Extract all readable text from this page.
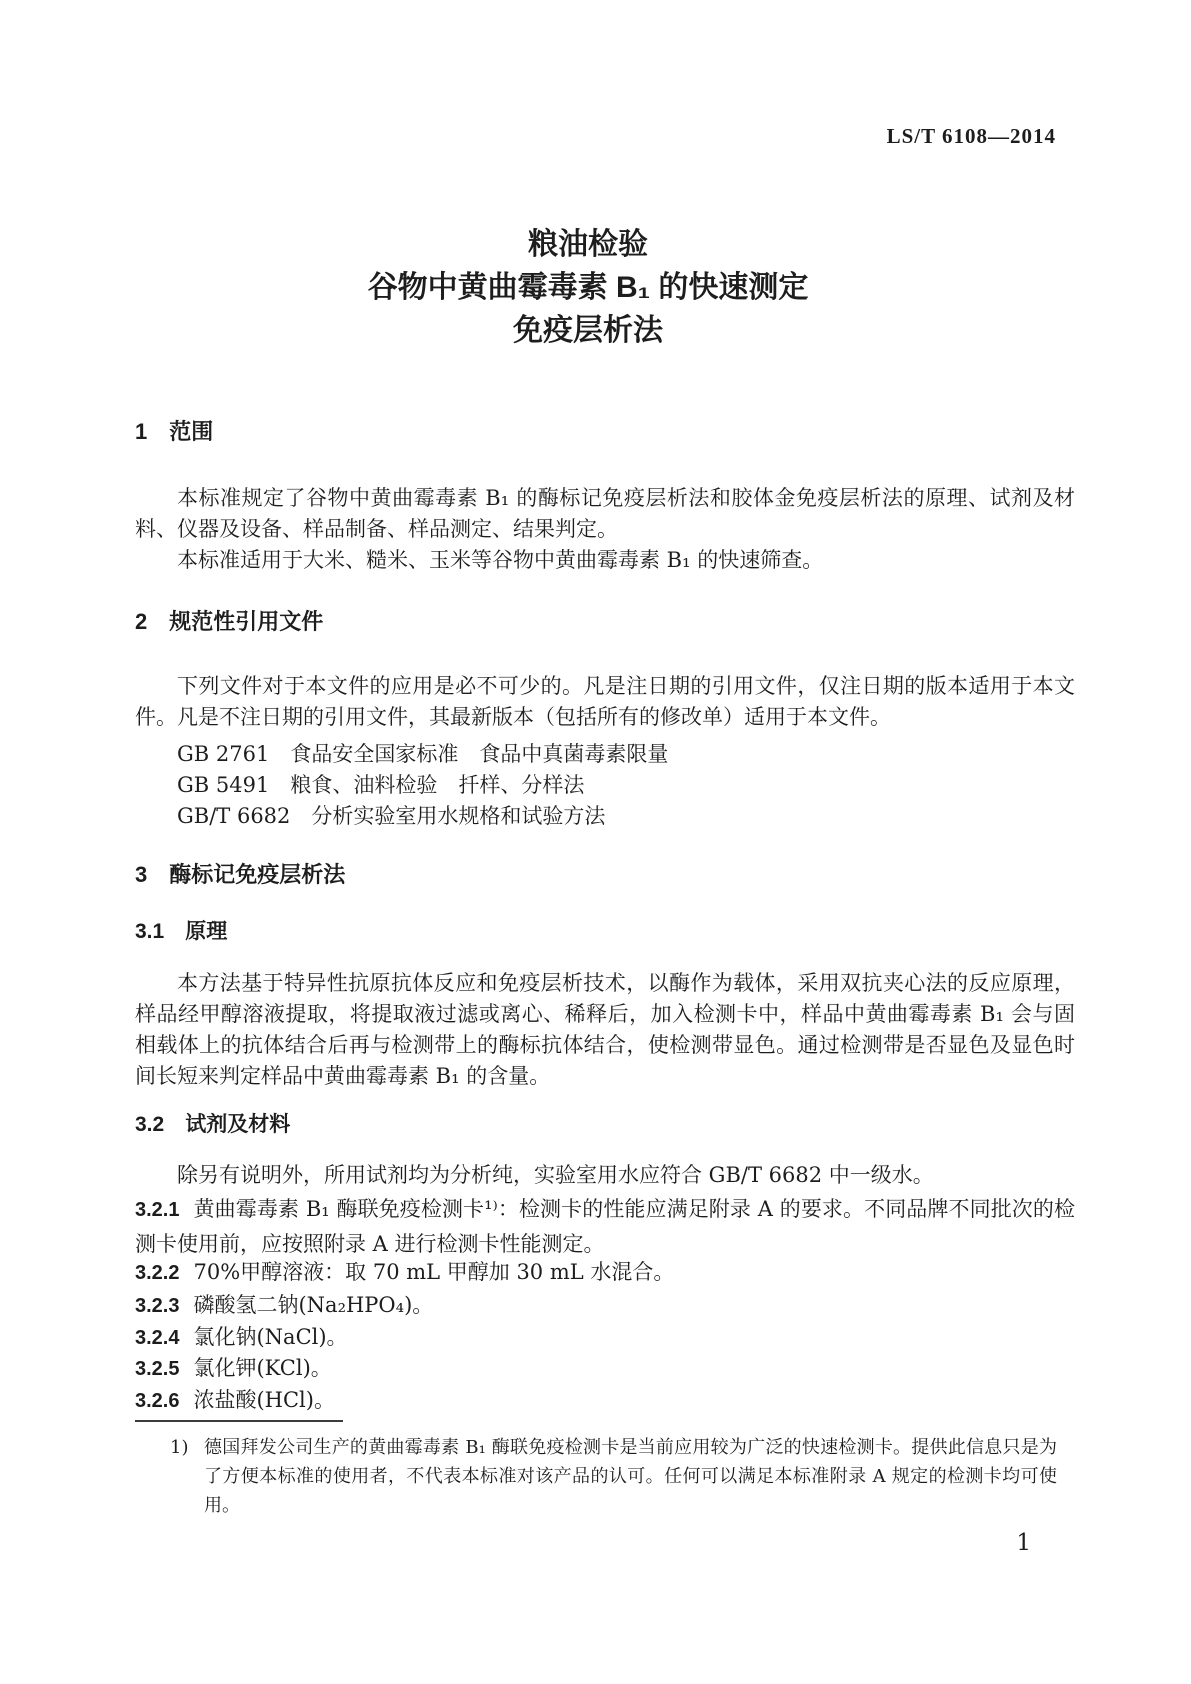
LS/T 6108—2014
粮油检验
谷物中黄曲霉毒素 B₁ 的快速测定
免疫层析法
1　范围

本标准规定了谷物中黄曲霉毒素 B₁ 的酶标记免疫层析法和胶体金免疫层析法的原理、试剂及材料、仪器及设备、样品制备、样品测定、结果判定。

本标准适用于大米、糙米、玉米等谷物中黄曲霉毒素 B₁ 的快速筛查。

2　规范性引用文件

下列文件对于本文件的应用是必不可少的。凡是注日期的引用文件，仅注日期的版本适用于本文件。凡是不注日期的引用文件，其最新版本（包括所有的修改单）适用于本文件。

GB 2761　食品安全国家标准　食品中真菌毒素限量
GB 5491　粮食、油料检验　扦样、分样法
GB/T 6682　分析实验室用水规格和试验方法
3　酶标记免疫层析法
3.1　原理

本方法基于特异性抗原抗体反应和免疫层析技术，以酶作为载体，采用双抗夹心法的反应原理，样品经甲醇溶液提取，将提取液过滤或离心、稀释后，加入检测卡中，样品中黄曲霉毒素 B₁ 会与固相载体上的抗体结合后再与检测带上的酶标抗体结合，使检测带显色。通过检测带是否显色及显色时间长短来判定样品中黄曲霉毒素 B₁ 的含量。

3.2　试剂及材料

除另有说明外，所用试剂均为分析纯，实验室用水应符合 GB/T 6682 中一级水。

3.2.1 黄曲霉毒素 B₁ 酶联免疫检测卡¹⁾：检测卡的性能应满足附录 A 的要求。不同品牌不同批次的检测卡使用前，应按照附录 A 进行检测卡性能测定。
3.2.2 70%甲醇溶液：取 70 mL 甲醇加 30 mL 水混合。
3.2.3 磷酸氢二钠(Na₂HPO₄)。
3.2.4 氯化钠(NaCl)。
3.2.5 氯化钾(KCl)。
3.2.6 浓盐酸(HCl)。
1) 德国拜发公司生产的黄曲霉毒素 B₁ 酶联免疫检测卡是当前应用较为广泛的快速检测卡。提供此信息只是为了方便本标准的使用者，不代表本标准对该产品的认可。任何可以满足本标准附录 A 规定的检测卡均可使用。
1
